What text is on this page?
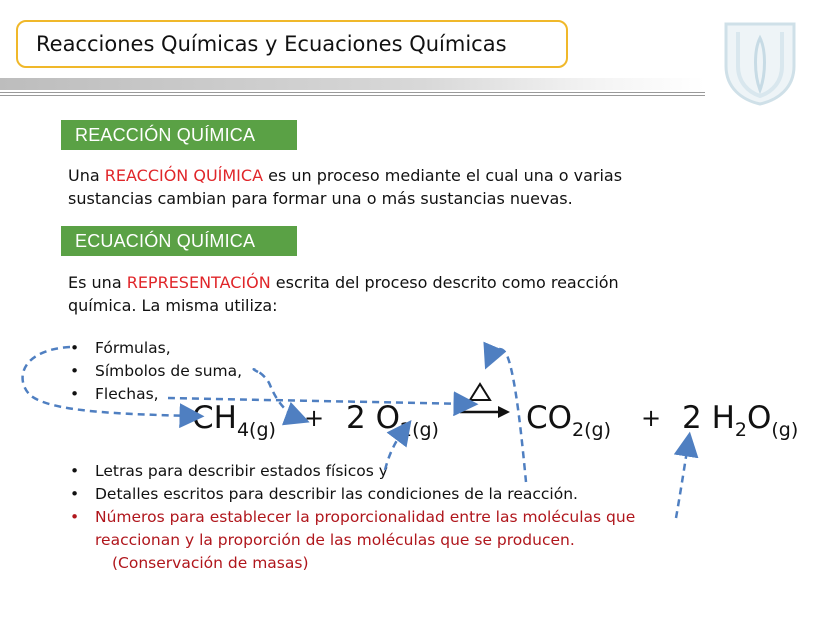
Reacciones Químicas y Ecuaciones Químicas
REACCIÓN QUÍMICA
Una REACCIÓN QUÍMICA es un proceso mediante el cual una o varias
sustancias cambian para formar una o más sustancias nuevas.
ECUACIÓN QUÍMICA
Es una REPRESENTACIÓN escrita del proceso descrito como reacción
química. La misma utiliza:
• Fórmulas,
• Símbolos de suma,
• Flechas,
$CH_{4(g)} + 2$ $O_{2(g)}$	$CO_{2(g)} + 2$ $H_2O_{(g)}$
• Letras para describir estados físicos y
• Detalles escritos para describir las condiciones de la reacción.
• Números para establecer la proporcionalidad entre las moléculas que
reaccionan y la proporción de las moléculas que se producen.
(Conservación de masas)
